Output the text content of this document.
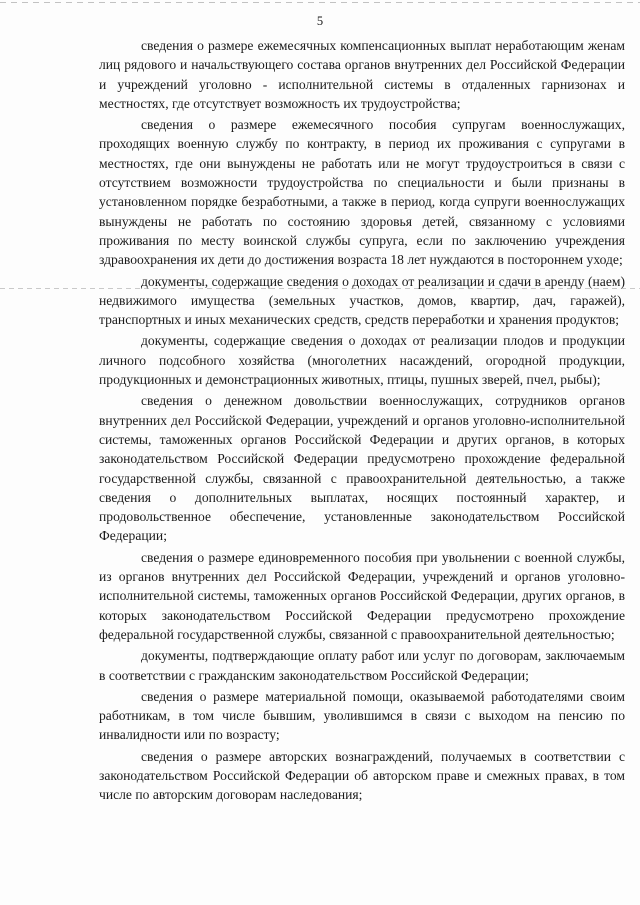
5

сведения о размере ежемесячных компенсационных выплат неработающим женам лиц рядового и начальствующего состава органов внутренних дел Российской Федерации и учреждений уголовно - исполнительной системы в отдаленных гарнизонах и местностях, где отсутствует возможность их трудоустройства;

сведения о размере ежемесячного пособия супругам военнослужащих, проходящих военную службу по контракту, в период их проживания с супругами в местностях, где они вынуждены не работать или не могут трудоустроиться в связи с отсутствием возможности трудоустройства по специальности и были признаны в установленном порядке безработными, а также в период, когда супруги военнослужащих вынуждены не работать по состоянию здоровья детей, связанному с условиями проживания по месту воинской службы супруга, если по заключению учреждения здравоохранения их дети до достижения возраста 18 лет нуждаются в постороннем уходе;

документы, содержащие сведения о доходах от реализации и сдачи в аренду (наем) недвижимого имущества (земельных участков, домов, квартир, дач, гаражей), транспортных и иных механических средств, средств переработки и хранения продуктов;

документы, содержащие сведения о доходах от реализации плодов и продукции личного подсобного хозяйства (многолетних насаждений, огородной продукции, продукционных и демонстрационных животных, птицы, пушных зверей, пчел, рыбы);

сведения о денежном довольствии военнослужащих, сотрудников органов внутренних дел Российской Федерации, учреждений и органов уголовно-исполнительной системы, таможенных органов Российской Федерации и других органов, в которых законодательством Российской Федерации предусмотрено прохождение федеральной государственной службы, связанной с правоохранительной деятельностью, а также сведения о дополнительных выплатах, носящих постоянный характер, и продовольственное обеспечение, установленные законодательством Российской Федерации;

сведения о размере единовременного пособия при увольнении с военной службы, из органов внутренних дел Российской Федерации, учреждений и органов уголовно-исполнительной системы, таможенных органов Российской Федерации, других органов, в которых законодательством Российской Федерации предусмотрено прохождение федеральной государственной службы, связанной с правоохранительной деятельностью;

документы, подтверждающие оплату работ или услуг по договорам, заключаемым в соответствии с гражданским законодательством Российской Федерации;

сведения о размере материальной помощи, оказываемой работодателями своим работникам, в том числе бывшим, уволившимся в связи с выходом на пенсию по инвалидности или по возрасту;

сведения о размере авторских вознаграждений, получаемых в соответствии с законодательством Российской Федерации об авторском праве и смежных правах, в том числе по авторским договорам наследования;
